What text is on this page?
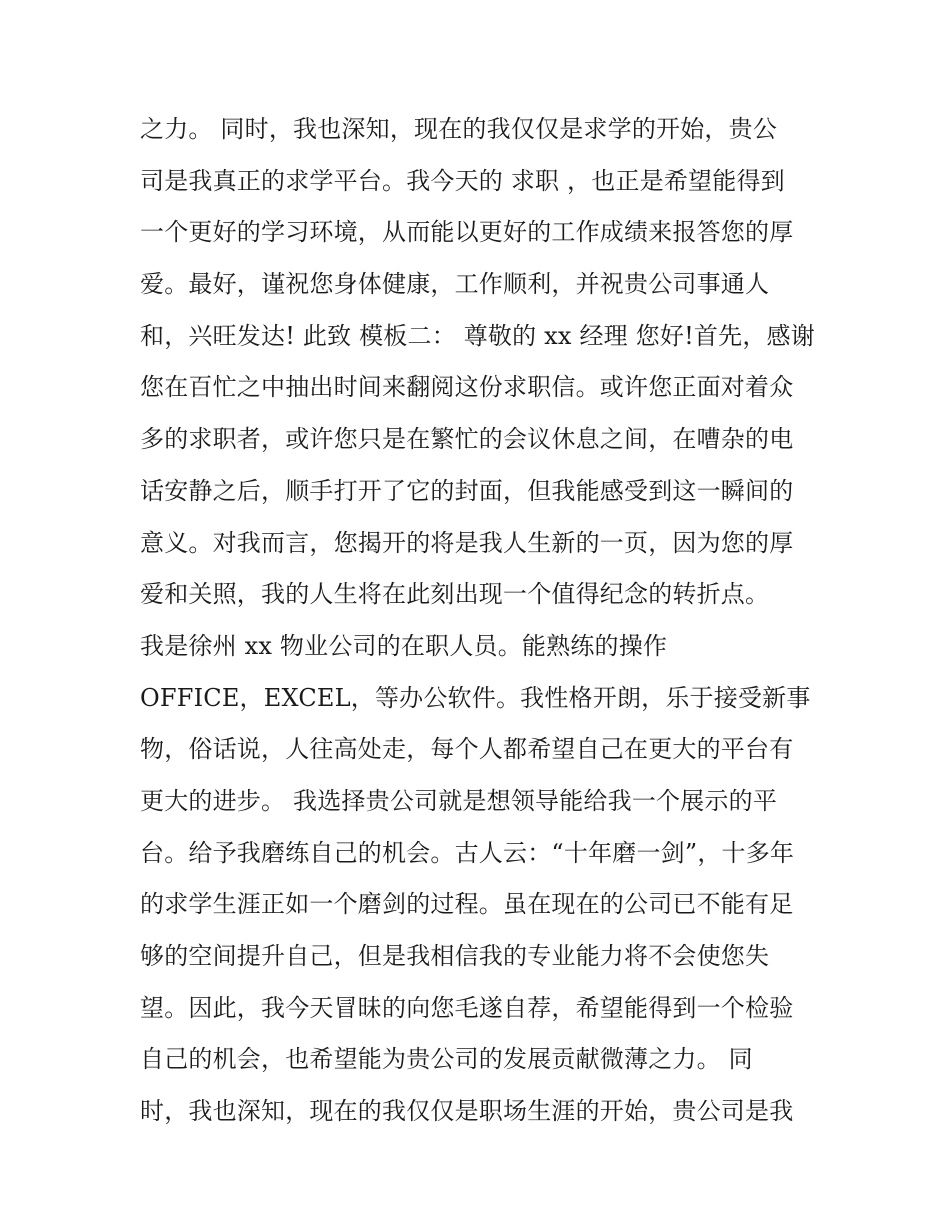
之力。 同时，我也深知，现在的我仅仅是求学的开始，贵公
司是我真正的求学平台。我今天的 求职 ，也正是希望能得到
一个更好的学习环境，从而能以更好的工作成绩来报答您的厚
爱。最好，谨祝您身体健康，工作顺利，并祝贵公司事通人
和，兴旺发达! 此致 模板二： 尊敬的 xx 经理 您好!首先，感谢
您在百忙之中抽出时间来翻阅这份求职信。或许您正面对着众
多的求职者，或许您只是在繁忙的会议休息之间，在嘈杂的电
话安静之后，顺手打开了它的封面，但我能感受到这一瞬间的
意义。对我而言，您揭开的将是我人生新的一页，因为您的厚
爱和关照，我的人生将在此刻出现一个值得纪念的转折点。
我是徐州 xx 物业公司的在职人员。能熟练的操作
OFFICE，EXCEL，等办公软件。我性格开朗，乐于接受新事
物，俗话说，人往高处走，每个人都希望自己在更大的平台有
更大的进步。 我选择贵公司就是想领导能给我一个展示的平
台。给予我磨练自己的机会。古人云：“十年磨一剑”，十多年
的求学生涯正如一个磨剑的过程。虽在现在的公司已不能有足
够的空间提升自己，但是我相信我的专业能力将不会使您失
望。因此，我今天冒昧的向您毛遂自荐，希望能得到一个检验
自己的机会，也希望能为贵公司的发展贡献微薄之力。 同
时，我也深知，现在的我仅仅是职场生涯的开始，贵公司是我
